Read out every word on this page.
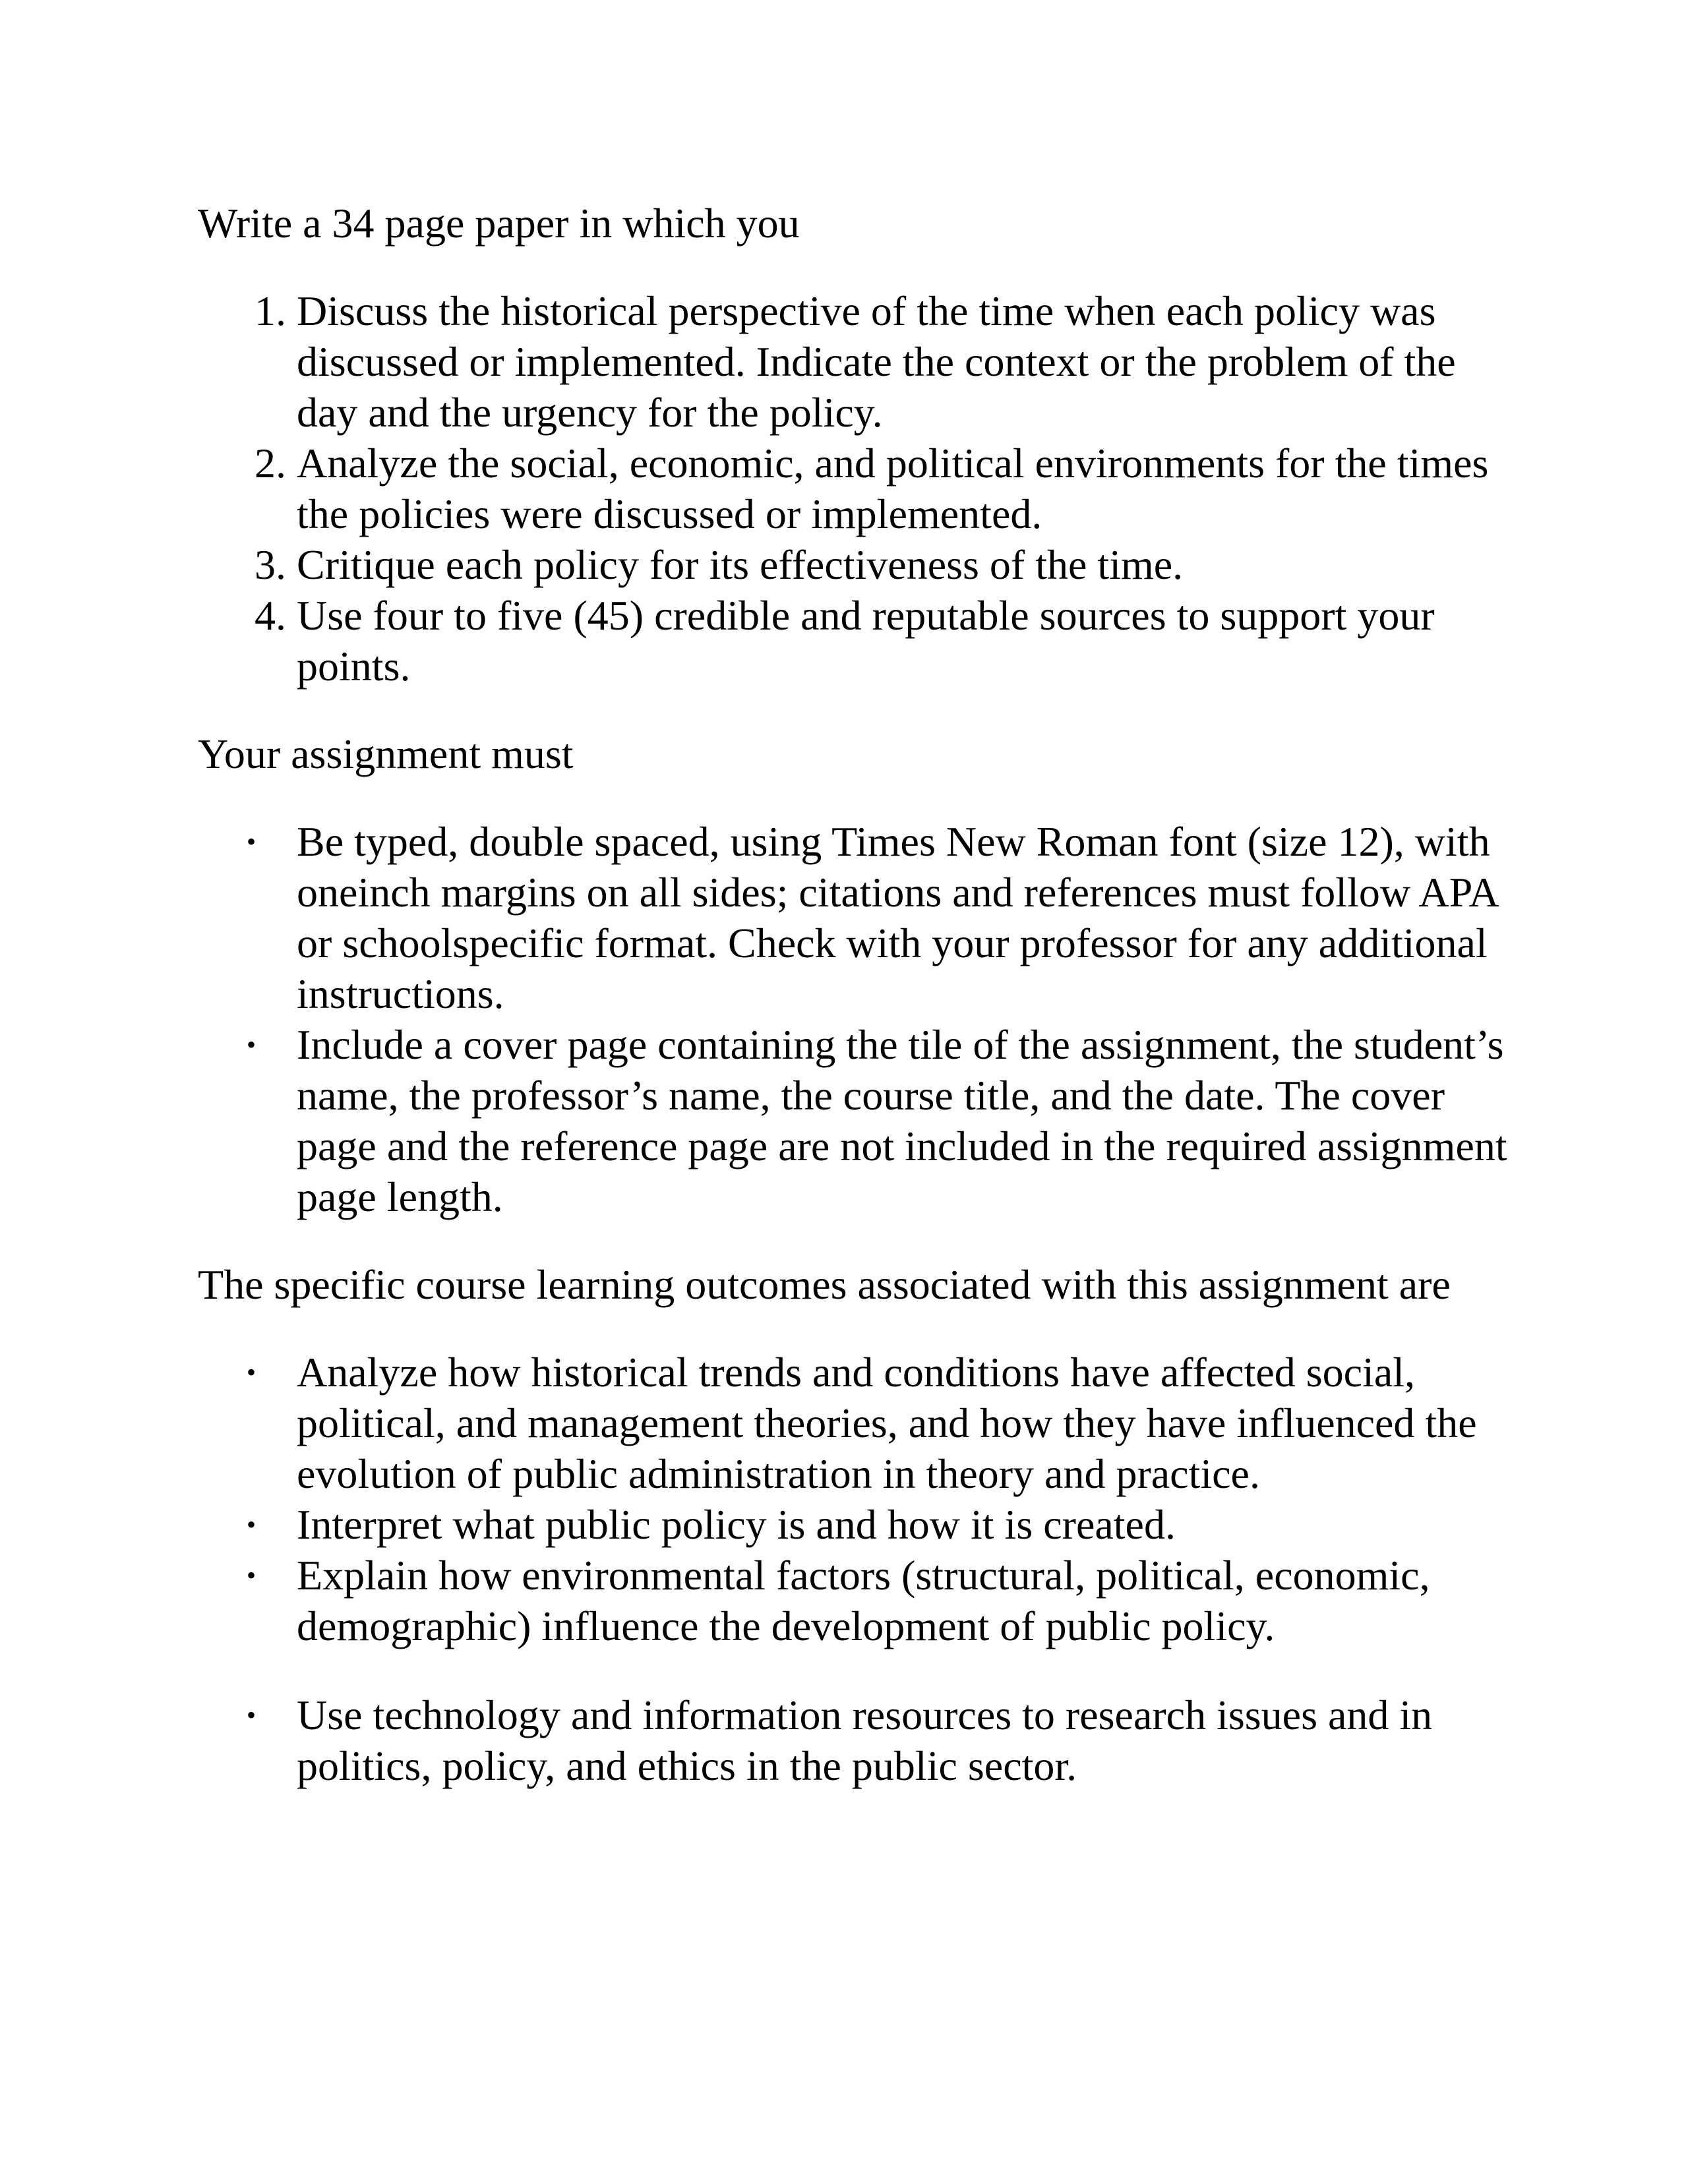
Write a 34 page paper in which you

1. Discuss the historical perspective of the time when each policy was discussed or implemented. Indicate the context or the problem of the day and the urgency for the policy.
2. Analyze the social, economic, and political environments for the times the policies were discussed or implemented.
3. Critique each policy for its effectiveness of the time.
4. Use four to five (45) credible and reputable sources to support your points.

Your assignment must

• Be typed, double spaced, using Times New Roman font (size 12), with oneinch margins on all sides; citations and references must follow APA or schoolspecific format. Check with your professor for any additional instructions.
• Include a cover page containing the tile of the assignment, the student’s name, the professor’s name, the course title, and the date. The cover page and the reference page are not included in the required assignment page length.

The specific course learning outcomes associated with this assignment are

• Analyze how historical trends and conditions have affected social, political, and management theories, and how they have influenced the evolution of public administration in theory and practice.
• Interpret what public policy is and how it is created.
• Explain how environmental factors (structural, political, economic, demographic) influence the development of public policy.
• Use technology and information resources to research issues and in politics, policy, and ethics in the public sector.
